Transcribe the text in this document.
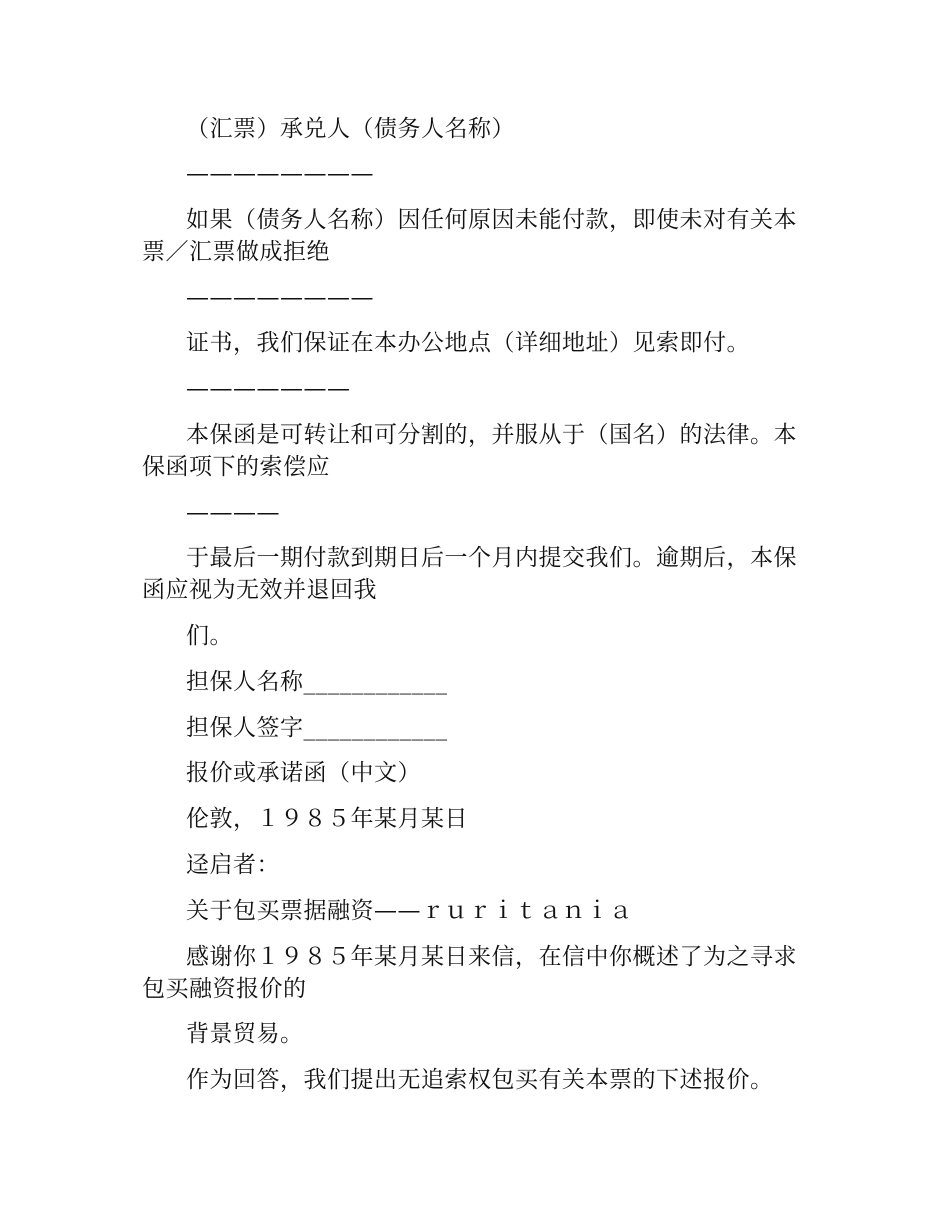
（汇票）承兑人（债务人名称）

————————

如果（债务人名称）因任何原因未能付款，即使未对有关本票／汇票做成拒绝

————————

证书，我们保证在本办公地点（详细地址）见索即付。

———————

本保函是可转让和可分割的，并服从于（国名）的法律。本保函项下的索偿应

————

于最后一期付款到期日后一个月内提交我们。逾期后，本保函应视为无效并退回我

们。

担保人名称____________

担保人签字____________

报价或承诺函（中文）

伦敦，１９８５年某月某日

迳启者：

关于包买票据融资——ｒｕｒｉｔａｎｉａ

感谢你１９８５年某月某日来信，在信中你概述了为之寻求包买融资报价的

背景贸易。

作为回答，我们提出无追索权包买有关本票的下述报价。
